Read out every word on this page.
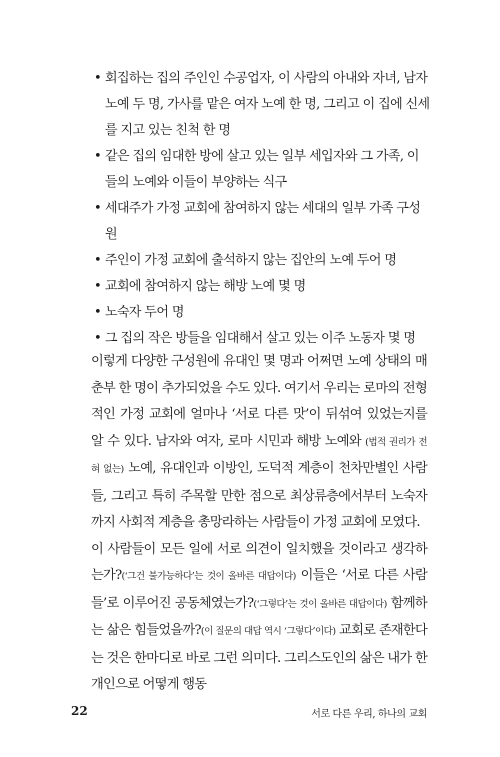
• 회집하는 집의 주인인 수공업자, 이 사람의 아내와 자녀, 남자 노예 두 명, 가사를 맡은 여자 노예 한 명, 그리고 이 집에 신세를 지고 있는 친척 한 명
• 같은 집의 임대한 방에 살고 있는 일부 세입자와 그 가족, 이들의 노예와 이들이 부양하는 식구
• 세대주가 가정 교회에 참여하지 않는 세대의 일부 가족 구성원
• 주인이 가정 교회에 출석하지 않는 집안의 노예 두어 명
• 교회에 참여하지 않는 해방 노예 몇 명
• 노숙자 두어 명
• 그 집의 작은 방들을 임대해서 살고 있는 이주 노동자 몇 명

이렇게 다양한 구성원에 유대인 몇 명과 어쩌면 노예 상태의 매춘부 한 명이 추가되었을 수도 있다. 여기서 우리는 로마의 전형적인 가정 교회에 얼마나 ‘서로 다른 맛’이 뒤섞여 있었는지를 알 수 있다. 남자와 여자, 로마 시민과 해방 노예와 (법적 권리가 전혀 없는) 노예, 유대인과 이방인, 도덕적 계층이 천차만별인 사람들, 그리고 특히 주목할 만한 점으로 최상류층에서부터 노숙자까지 사회적 계층을 총망라하는 사람들이 가정 교회에 모였다.

이 사람들이 모든 일에 서로 의견이 일치했을 것이라고 생각하는가?(‘그건 불가능하다’는 것이 올바른 대답이다) 이들은 ‘서로 다른 사람들’로 이루어진 공동체였는가?(‘그렇다’는 것이 올바른 대답이다) 함께하는 삶은 힘들었을까?(이 질문의 대답 역시 ‘그렇다’이다) 교회로 존재한다는 것은 한마디로 바로 그런 의미다. 그리스도인의 삶은 내가 한 개인으로 어떻게 행동

22	서로 다른 우리, 하나의 교회
